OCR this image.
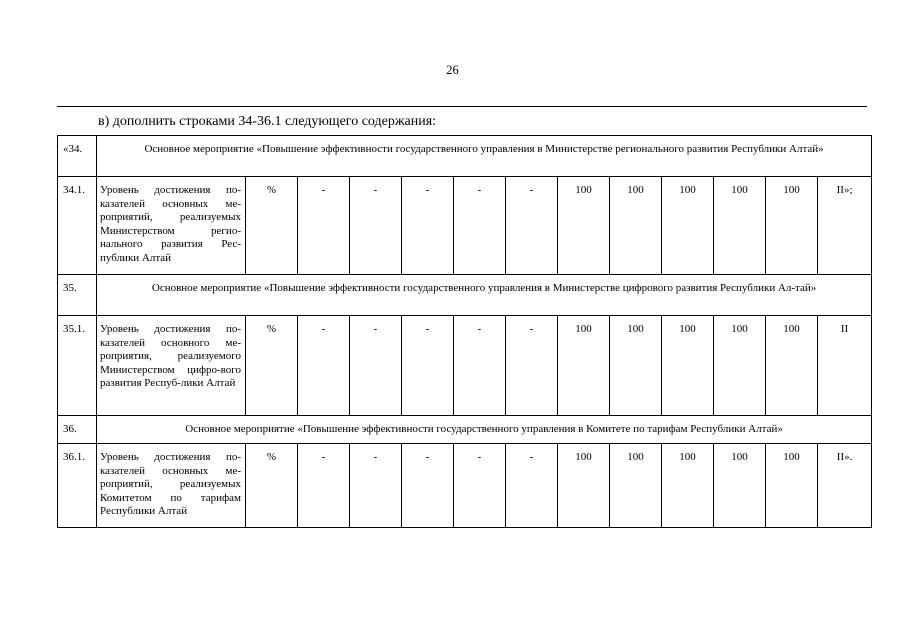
26
в) дополнить строками 34-36.1 следующего содержания:
«34.	Основное мероприятие «Повышение эффективности государственного управления в Министерстве регионального развития Республики Алтай»												
34.1.	Уровень достижения по-казателей основных ме-роприятий, реализуемых Министерством регио-нального развития Рес-публики Алтай	%	-	-	-	-	-	100	100	100	100	100	II»;
35.	Основное мероприятие «Повышение эффективности государственного управления в Министерстве цифрового развития Республики Ал-тай»												
35.1.	Уровень достижения по-казателей основного ме-роприятия, реализуемого Министерством цифро-вого развития Респуб-лики Алтай	%	-	-	-	-	-	100	100	100	100	100	II
36.	Основное мероприятие «Повышение эффективности государственного управления в Комитете по тарифам Республики Алтай»												
36.1.	Уровень достижения по-казателей основных ме-роприятий, реализуемых Комитетом по тарифам Республики Алтай	%	-	-	-	-	-	100	100	100	100	100	II».
